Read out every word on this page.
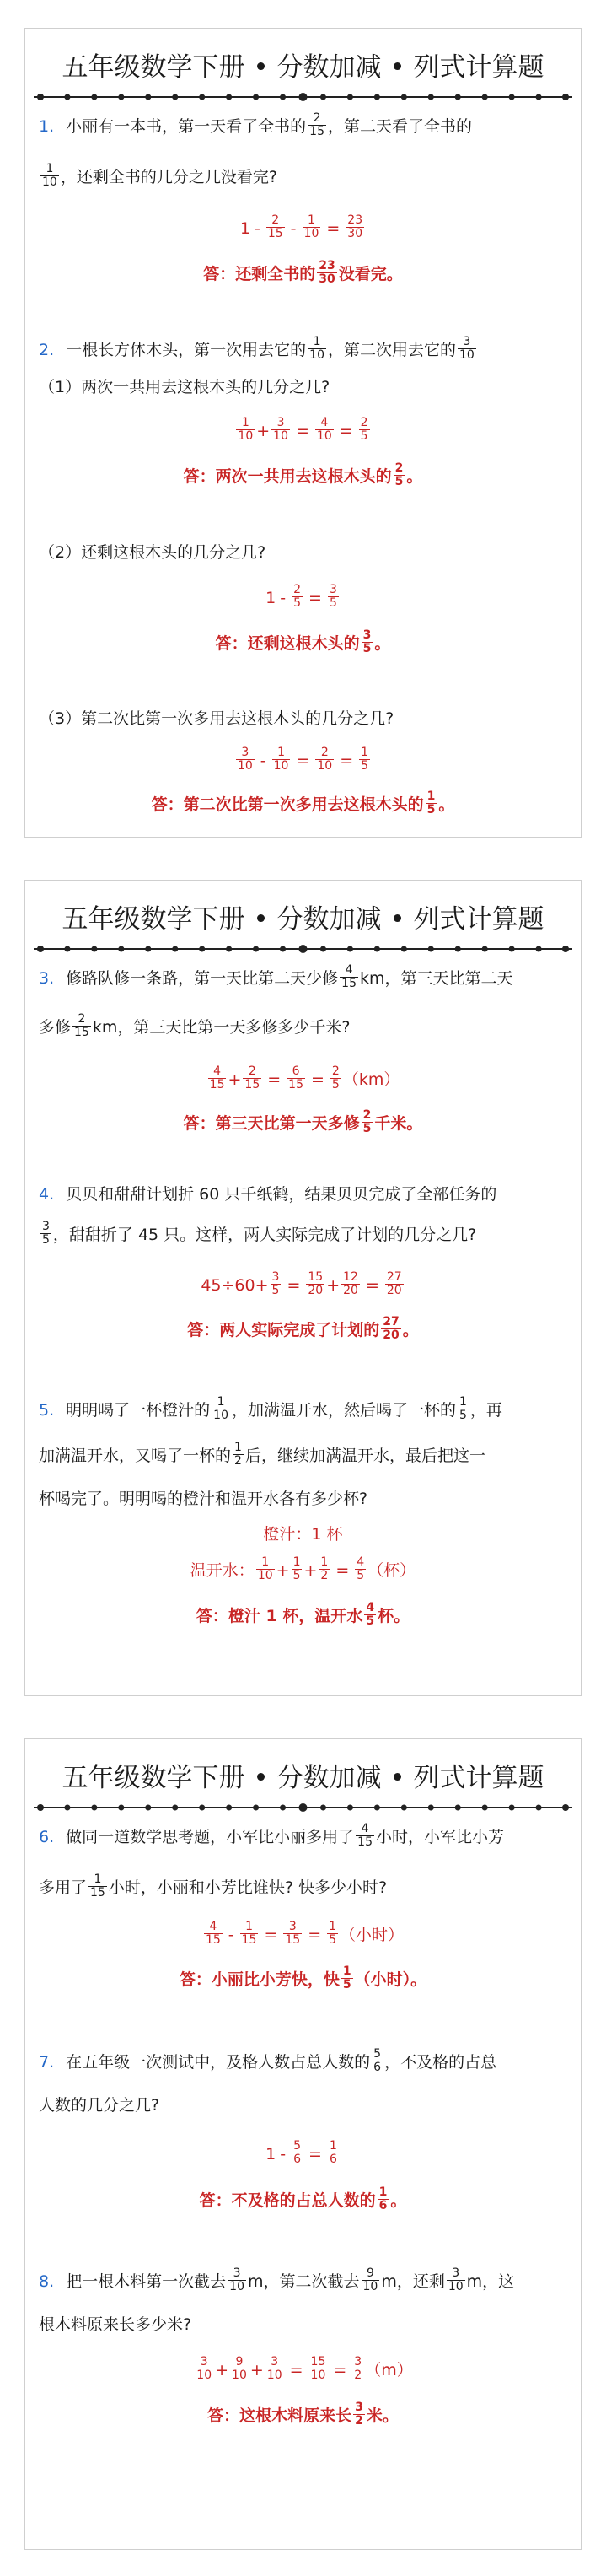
五年级数学下册 • 分数加减 • 列式计算题
1. 小丽有一本书，第一天看了全书的 $\frac{2}{15}$ ，第二天看了全书的
$\frac{1}{10}$ ，还剩全书的几分之几没看完?
$1 - \frac{2}{15} - \frac{1}{10} = \frac{23}{30}$
答：还剩全书的 $\frac{23}{30}$ 没看完。
2. 一根长方体木头，第一次用去它的 $\frac{1}{10}$ ，第二次用去它的 $\frac{3}{10}$
（1）两次一共用去这根木头的几分之几?
$\frac{1}{10} + \frac{3}{10} = \frac{4}{10} = \frac{2}{5}$
答：两次一共用去这根木头的 $\frac{2}{5}$ 。
（2）还剩这根木头的几分之几?
$1 - \frac{2}{5} = \frac{3}{5}$
答：还剩这根木头的 $\frac{3}{5}$ 。
（3）第二次比第一次多用去这根木头的几分之几?
$\frac{3}{10} - \frac{1}{10} = \frac{2}{10} = \frac{1}{5}$
答：第二次比第一次多用去这根木头的 $\frac{1}{5}$ 。
五年级数学下册 • 分数加减 • 列式计算题
3. 修路队修一条路，第一天比第二天少修 $\frac{4}{15}$ km，第三天比第二天
多修 $\frac{2}{15}$ km，第三天比第一天多修多少千米?
$\frac{4}{15} + \frac{2}{15} = \frac{6}{15} = \frac{2}{5} (km)$
答：第三天比第一天多修 $\frac{2}{5}$ 千米。
4. 贝贝和甜甜计划折 60 只千纸鹤，结果贝贝完成了全部任务的
$\frac{3}{5}$ ，甜甜折了 45 只。这样，两人实际完成了计划的几分之几?
$45\div 60+ \frac{3}{5} = \frac{15}{20} + \frac{12}{20} = \frac{27}{20}$
答：两人实际完成了计划的 $\frac{27}{20}$ 。
5. 明明喝了一杯橙汁的 $\frac{1}{10}$ ，加满温开水，然后喝了一杯的 $\frac{1}{5}$ ，再
加满温开水，又喝了一杯的 $\frac{1}{2}$ 后，继续加满温开水，最后把这一
杯喝完了。明明喝的橙汁和温开水各有多少杯?
橙汁：1 杯
温开水： $\frac{1}{10} + \frac{1}{5} + \frac{1}{2} = \frac{4}{5}$ （杯）
答：橙汁 1 杯，温开水 $\frac{4}{5}$ 杯。
五年级数学下册 • 分数加减 • 列式计算题
6. 做同一道数学思考题，小军比小丽多用了 $\frac{4}{15}$ 小时，小军比小芳
多用了 $\frac{1}{15}$ 小时，小丽和小芳比谁快? 快多少小时?
$\frac{4}{15} - \frac{1}{15} = \frac{3}{15} = \frac{1}{5}$ （小时）
答：小丽比小芳快，快 $\frac{1}{5}$ （小时）。
7. 在五年级一次测试中，及格人数占总人数的 $\frac{5}{6}$ ，不及格的占总
人数的几分之几?
$1 - \frac{5}{6} = \frac{1}{6}$
答：不及格的占总人数的 $\frac{1}{6}$ 。
8. 把一根木料第一次截去 $\frac{3}{10}$ m，第二次截去 $\frac{9}{10}$ m，还剩 $\frac{3}{10}$ m，这
根木料原来长多少米?
$\frac{3}{10} + \frac{9}{10} + \frac{3}{10} = \frac{15}{10} = \frac{3}{2} (m)$
答：这根木料原来长 $\frac{3}{2}$ 米。
